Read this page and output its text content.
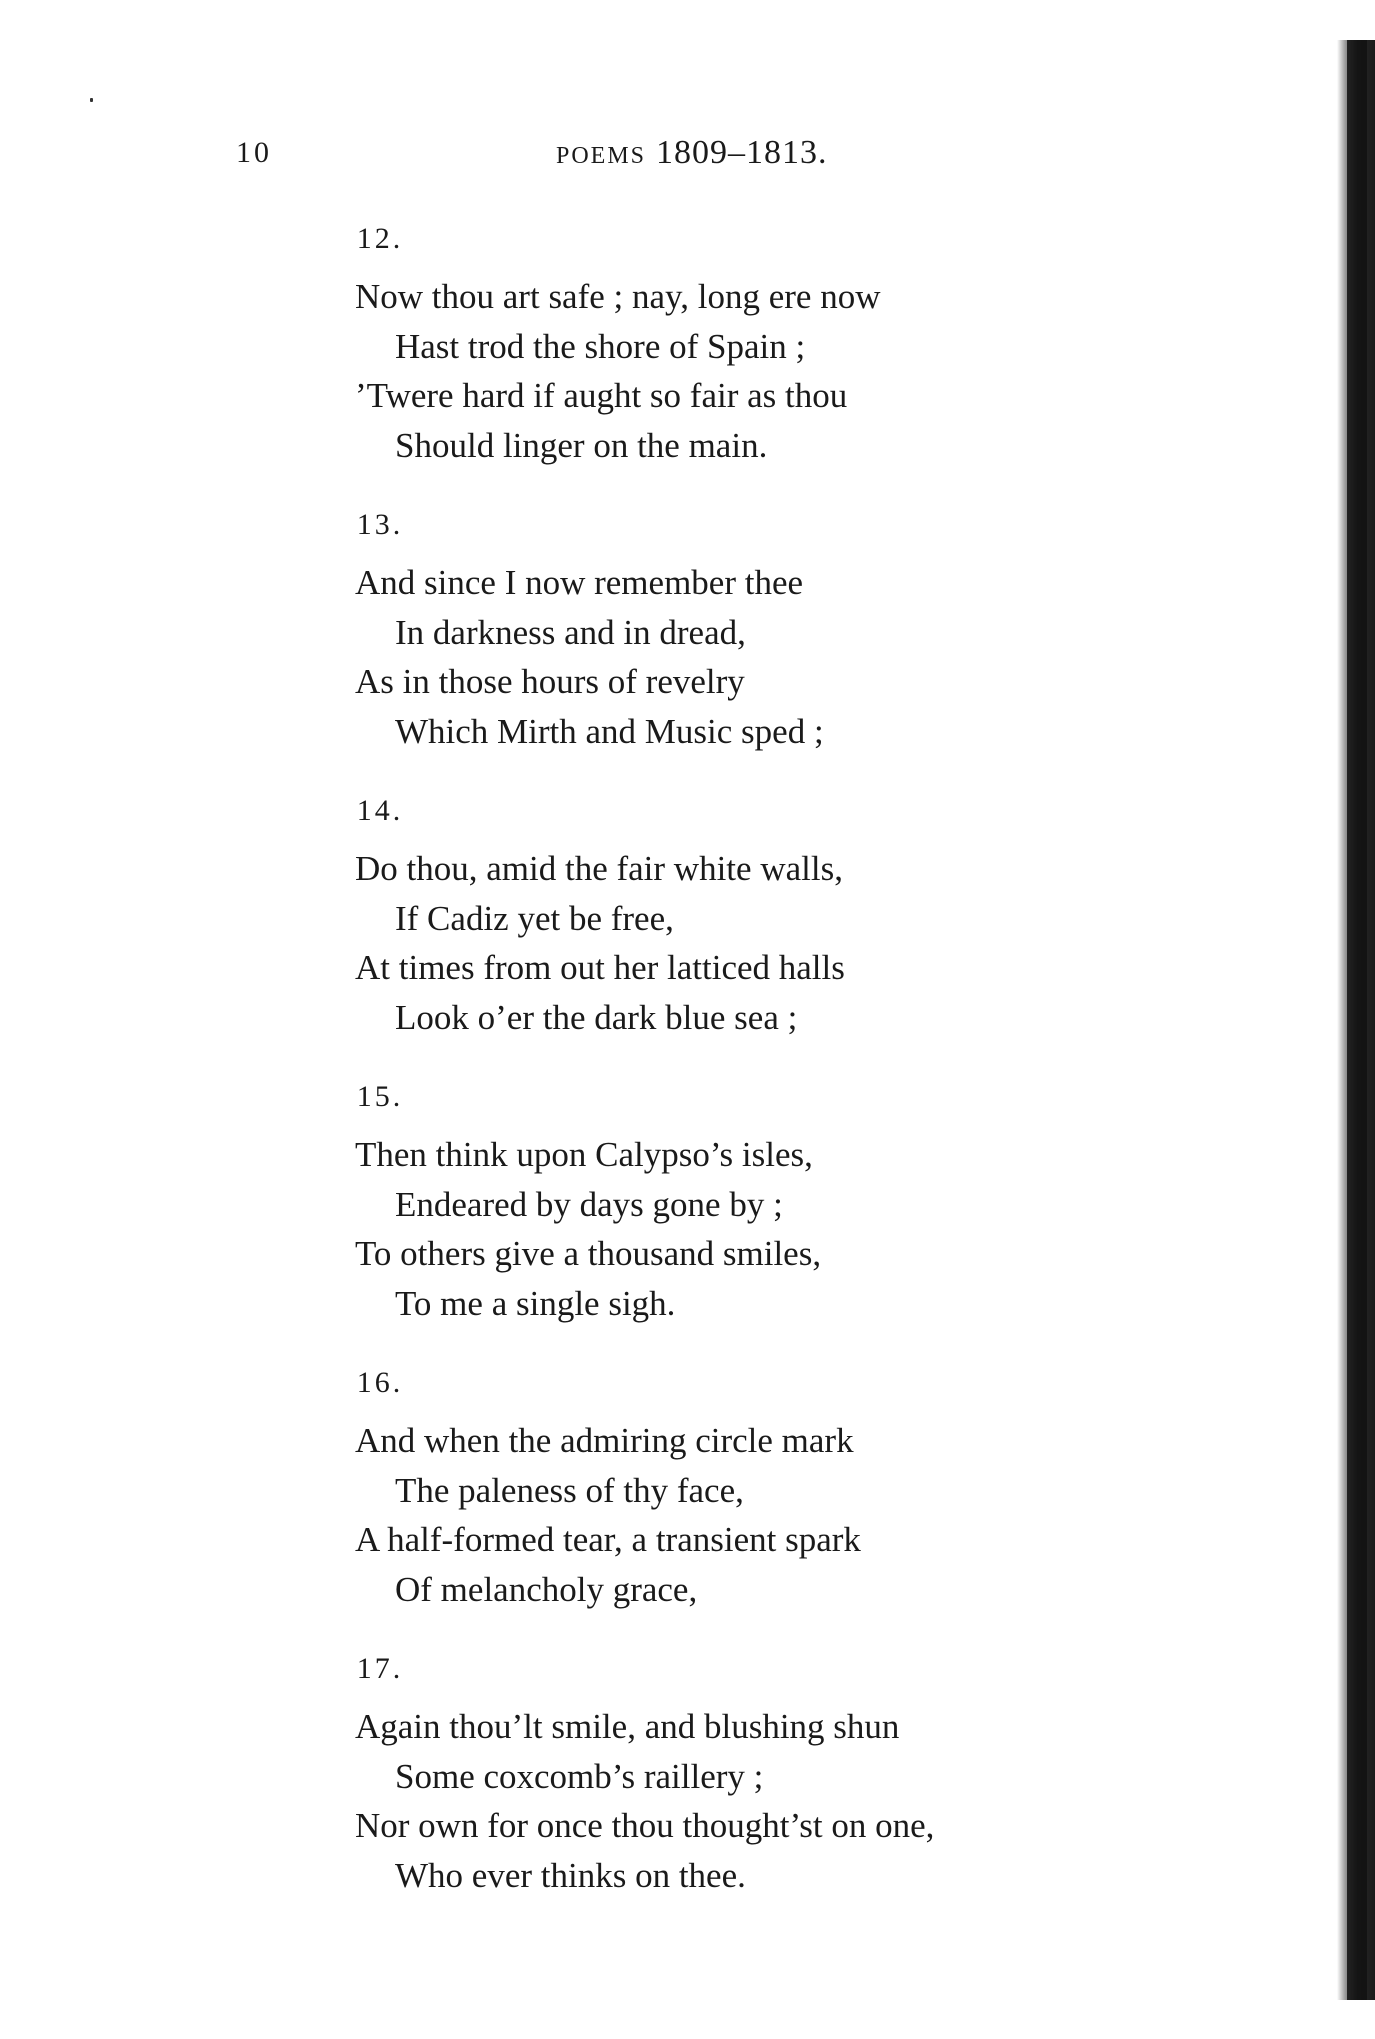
10	POEMS 1809–1813.
12.
Now thou art safe ; nay, long ere now
Hast trod the shore of Spain ;
’Twere hard if aught so fair as thou
Should linger on the main.
13.
And since I now remember thee
In darkness and in dread,
As in those hours of revelry
Which Mirth and Music sped ;
14.
Do thou, amid the fair white walls,
If Cadiz yet be free,
At times from out her latticed halls
Look o’er the dark blue sea ;
15.
Then think upon Calypso’s isles,
Endeared by days gone by ;
To others give a thousand smiles,
To me a single sigh.
16.
And when the admiring circle mark
The paleness of thy face,
A half-formed tear, a transient spark
Of melancholy grace,
17.
Again thou’lt smile, and blushing shun
Some coxcomb’s raillery ;
Nor own for once thou thought’st on one,
Who ever thinks on thee.
